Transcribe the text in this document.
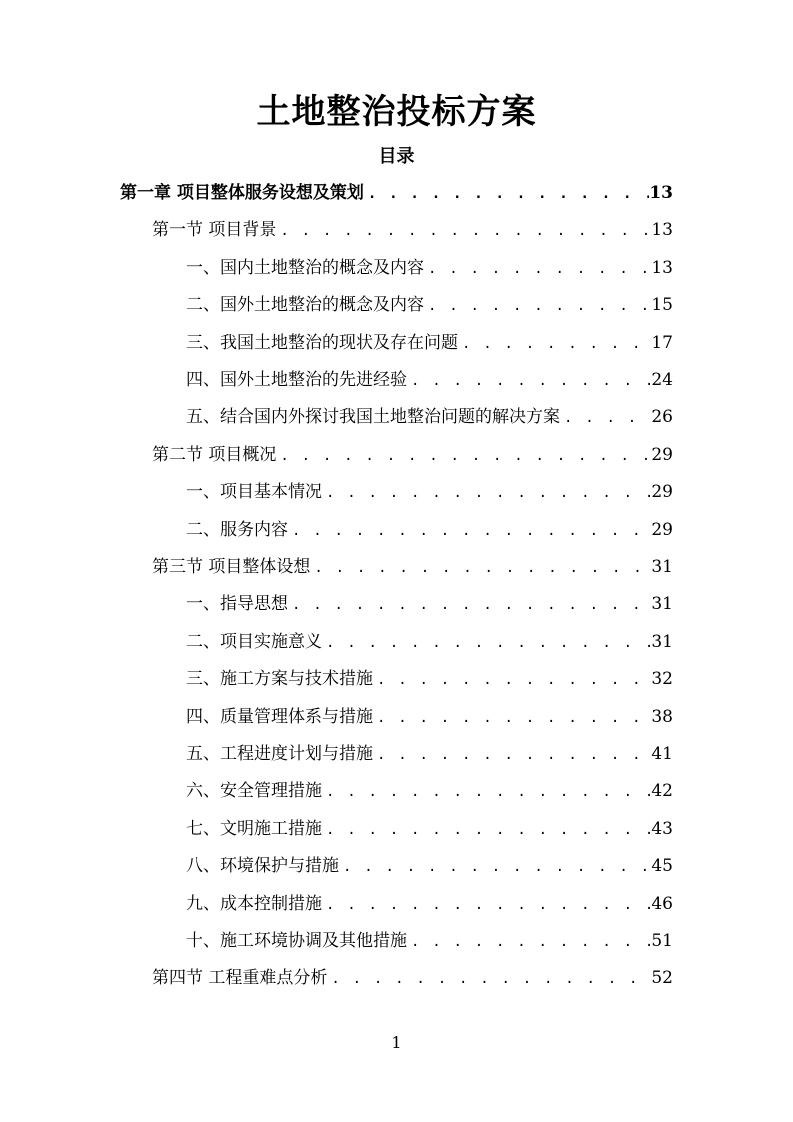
土地整治投标方案
目录
第一章 项目整体服务设想及策划 . . .	13
第一节 项目背景 . . .	13
一、国内土地整治的概念及内容 . . .	13
二、国外土地整治的概念及内容 . . .	15
三、我国土地整治的现状及存在问题 . . .	17
四、国外土地整治的先进经验 . . .	24
五、结合国内外探讨我国土地整治问题的解决方案 . . .	26
第二节 项目概况 . . .	29
一、项目基本情况 . . .	29
二、服务内容 . . .	29
第三节 项目整体设想 . . .	31
一、指导思想 . . .	31
二、项目实施意义 . . .	31
三、施工方案与技术措施 . . .	32
四、质量管理体系与措施 . . .	38
五、工程进度计划与措施 . . .	41
六、安全管理措施 . . .	42
七、文明施工措施 . . .	43
八、环境保护与措施 . . .	45
九、成本控制措施 . . .	46
十、施工环境协调及其他措施 . . .	51
第四节 工程重难点分析 . . .	52
1
